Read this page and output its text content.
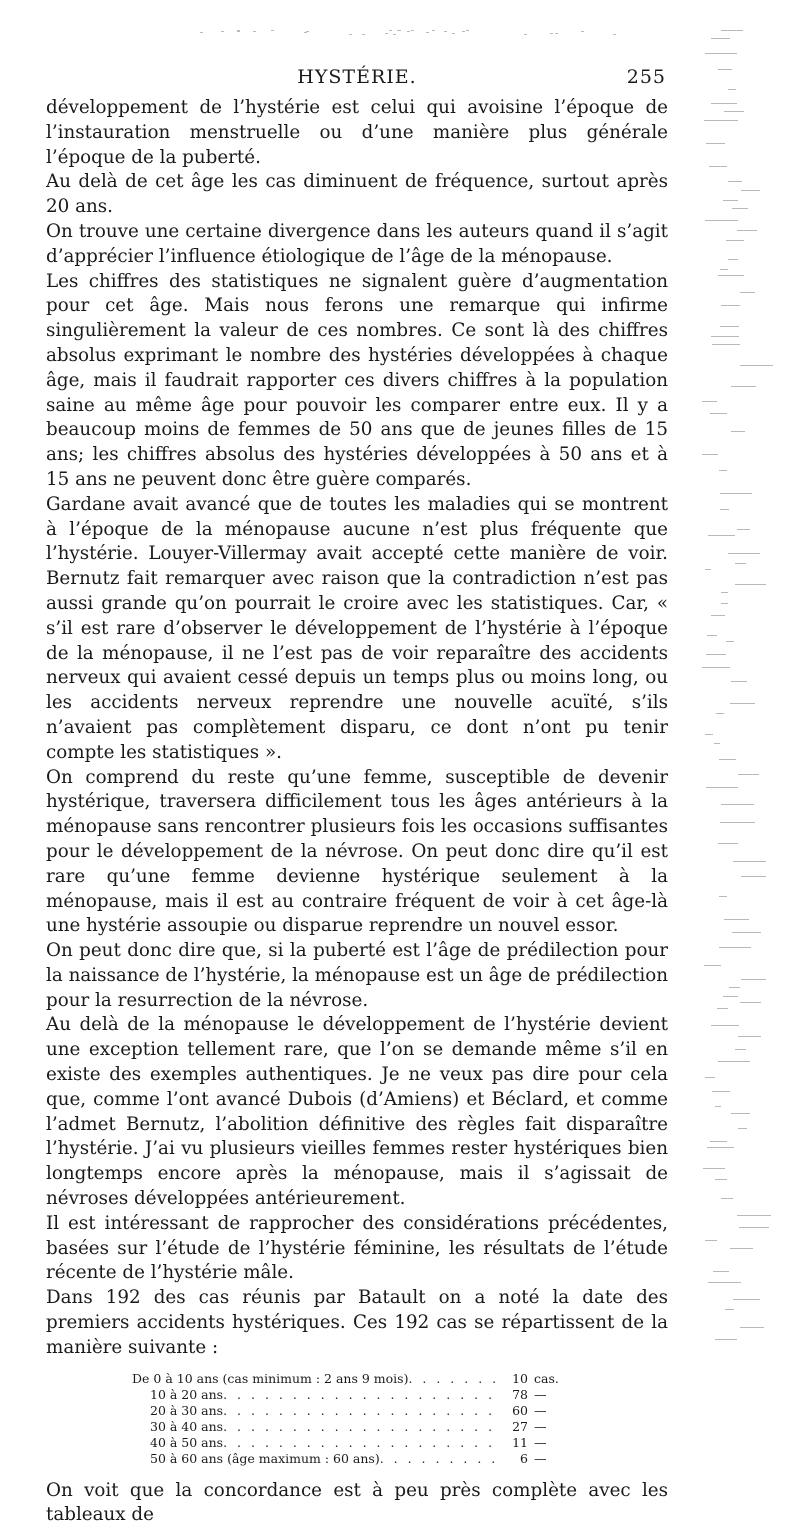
HYSTÉRIE.	255

développement de l’hystérie est celui qui avoisine l’époque de l’instauration menstruelle ou d’une manière plus générale l’époque de la puberté.

Au delà de cet âge les cas diminuent de fréquence, surtout après 20 ans.

On trouve une certaine divergence dans les auteurs quand il s’agit d’apprécier l’influence étiologique de l’âge de la ménopause.

Les chiffres des statistiques ne signalent guère d’augmentation pour cet âge. Mais nous ferons une remarque qui infirme singulièrement la valeur de ces nombres. Ce sont là des chiffres absolus exprimant le nombre des hystéries développées à chaque âge, mais il faudrait rapporter ces divers chiffres à la population saine au même âge pour pouvoir les comparer entre eux. Il y a beaucoup moins de femmes de 50 ans que de jeunes filles de 15 ans; les chiffres absolus des hystéries développées à 50 ans et à 15 ans ne peuvent donc être guère comparés.

Gardane avait avancé que de toutes les maladies qui se montrent à l’époque de la ménopause aucune n’est plus fréquente que l’hystérie. Louyer-Villermay avait accepté cette manière de voir. Bernutz fait remarquer avec raison que la contradiction n’est pas aussi grande qu’on pourrait le croire avec les statistiques. Car, « s’il est rare d’observer le développement de l’hystérie à l’époque de la ménopause, il ne l’est pas de voir reparaître des accidents nerveux qui avaient cessé depuis un temps plus ou moins long, ou les accidents nerveux reprendre une nouvelle acuïté, s’ils n’avaient pas complètement disparu, ce dont n’ont pu tenir compte les statistiques ».

On comprend du reste qu’une femme, susceptible de devenir hystérique, traversera difficilement tous les âges antérieurs à la ménopause sans rencontrer plusieurs fois les occasions suffisantes pour le développement de la névrose. On peut donc dire qu’il est rare qu’une femme devienne hystérique seulement à la ménopause, mais il est au contraire fréquent de voir à cet âge-là une hystérie assoupie ou disparue reprendre un nouvel essor.

On peut donc dire que, si la puberté est l’âge de prédilection pour la naissance de l’hystérie, la ménopause est un âge de prédilection pour la resurrection de la névrose.

Au delà de la ménopause le développement de l’hystérie devient une exception tellement rare, que l’on se demande même s’il en existe des exemples authentiques. Je ne veux pas dire pour cela que, comme l’ont avancé Dubois (d’Amiens) et Béclard, et comme l’admet Bernutz, l’abolition définitive des règles fait disparaître l’hystérie. J’ai vu plusieurs vieilles femmes rester hystériques bien longtemps encore après la ménopause, mais il s’agissait de névroses développées antérieurement.

Il est intéressant de rapprocher des considérations précédentes, basées sur l’étude de l’hystérie féminine, les résultats de l’étude récente de l’hystérie mâle.

Dans 192 des cas réunis par Batault on a noté la date des premiers accidents hystériques. Ces 192 cas se répartissent de la manière suivante :

De 0 à 10 ans (cas minimum : 2 ans 9 mois) . . .	10 cas.
10 à 20 ans . . .	78 —
20 à 30 ans . . .	60 —
30 à 40 ans . . .	27 —
40 à 50 ans . . .	11 —
50 à 60 ans (âge maximum : 60 ans) . . .	6 —

On voit que la concordance est à peu près complète avec les tableaux de
